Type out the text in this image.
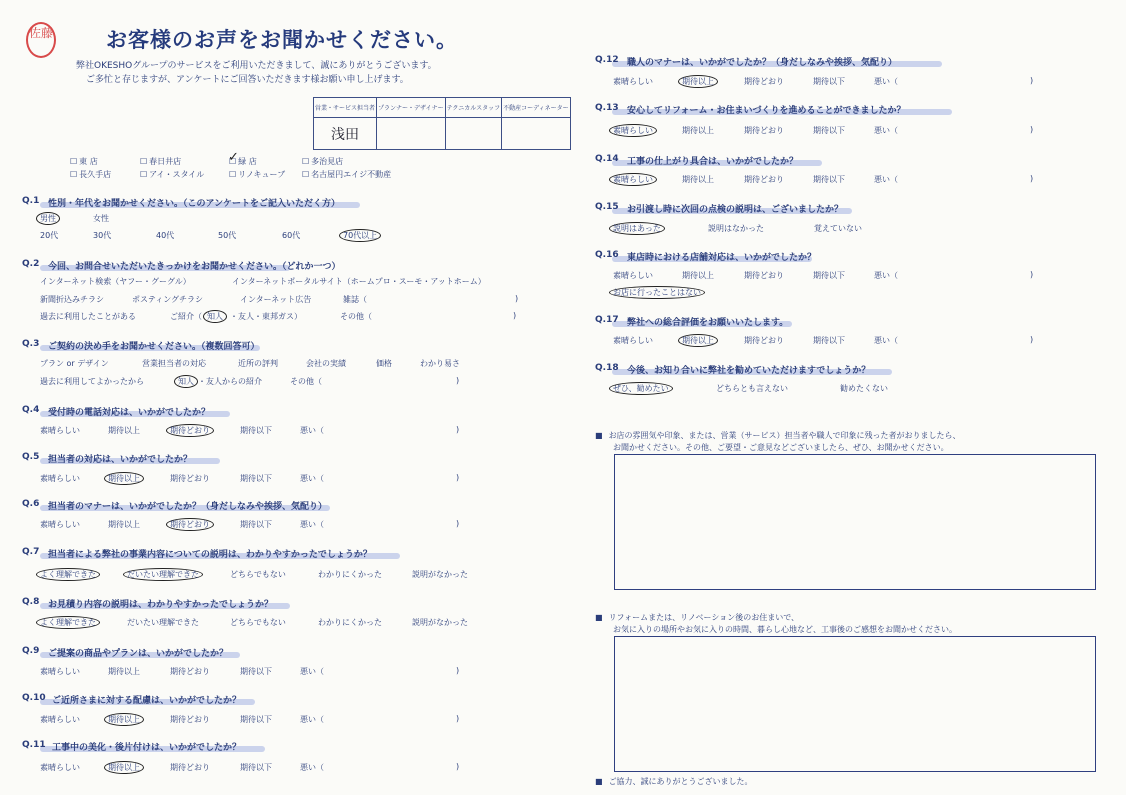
佐藤	お客様のお声をお聞かせください。
弊社OKESHOグループのサービスをご利用いただきまして、誠にありがとうございます。
ご多忙と存じますが、アンケートにご回答いただきます様お願い申し上げます。
営業・サービス担当者	プランナー・デザイナー	テクニカルスタッフ	不動産コーディネーター
浅田			
☐ 東 店	☐ 春日井店	☐ 緑 店	☐ 多治見店
☐ 長久手店	☐ アイ・スタイル	☐ リノキューブ	☐ 名古屋円エイジ不動産
✓
Q.1 性別・年代をお聞かせください。（このアンケートをご記入いただく方）
男性	女性
20代	30代	40代	50代	60代	70代以上
Q.2 今回、お問合せいただいたきっかけをお聞かせください。（どれか一つ）
インターネット検索（ヤフー・グーグル）	インターネットポータルサイト（ホームプロ・スーモ・アットホーム）
新聞折込みチラシ	ポスティングチラシ	インターネット広告	雑誌（	)
過去に利用したことがある	ご紹介（ 知人 ・友人・東邦ガス）	その他（	)
Q.3 ご契約の決め手をお聞かせください。（複数回答可）
プラン or デザイン	営業担当者の対応	近所の評判	会社の実績	価格	わかり易さ
過去に利用してよかったから	知人 ・友人からの紹介	その他（	)
Q.4 受付時の電話対応は、いかがでしたか？
素晴らしい	期待以上	期待どおり	期待以下	悪い（	)
Q.5 担当者の対応は、いかがでしたか？
素晴らしい	期待以上	期待どおり	期待以下	悪い（	)
Q.6 担当者のマナーは、いかがでしたか？（身だしなみや挨拶、気配り）
素晴らしい	期待以上	期待どおり	期待以下	悪い（	)
Q.7 担当者による弊社の事業内容についての説明は、わかりやすかったでしょうか？
よく理解できた	だいたい理解できた	どちらでもない	わかりにくかった	説明がなかった
Q.8 お見積り内容の説明は、わかりやすかったでしょうか？
よく理解できた	だいたい理解できた	どちらでもない	わかりにくかった	説明がなかった
Q.9 ご提案の商品やプランは、いかがでしたか？
素晴らしい	期待以上	期待どおり	期待以下	悪い（	)
Q.10 ご近所さまに対する配慮は、いかがでしたか？
素晴らしい	期待以上	期待どおり	期待以下	悪い（	)
Q.11 工事中の美化・後片付けは、いかがでしたか？
素晴らしい	期待以上	期待どおり	期待以下	悪い（	)
Q.12 職人のマナーは、いかがでしたか？（身だしなみや挨拶、気配り）
素晴らしい	期待以上	期待どおり	期待以下	悪い（	)
Q.13 安心してリフォーム・お住まいづくりを進めることができましたか？
素晴らしい	期待以上	期待どおり	期待以下	悪い（	)
Q.14 工事の仕上がり具合は、いかがでしたか？
素晴らしい	期待以上	期待どおり	期待以下	悪い（	)
Q.15 お引渡し時に次回の点検の説明は、ございましたか？
説明はあった	説明はなかった	覚えていない
Q.16 東店時における店舗対応は、いかがでしたか？
素晴らしい	期待以上	期待どおり	期待以下	悪い（	)
お店に行ったことはない
Q.17 弊社への総合評価をお願いいたします。
素晴らしい	期待以上	期待どおり	期待以下	悪い（	)
Q.18 今後、お知り合いに弊社を勧めていただけますでしょうか？
ぜひ、勧めたい	どちらとも言えない	勧めたくない
■ お店の雰囲気や印象、または、営業（サービス）担当者や職人で印象に残った者がおりましたら、
お聞かせください。その他、ご要望・ご意見などございましたら、ぜひ、お聞かせください。
■ リフォームまたは、リノベーション後のお住まいで、
お気に入りの場所やお気に入りの時間、暮らし心地など、工事後のご感想をお聞かせください。
■ ご協力、誠にありがとうございました。
